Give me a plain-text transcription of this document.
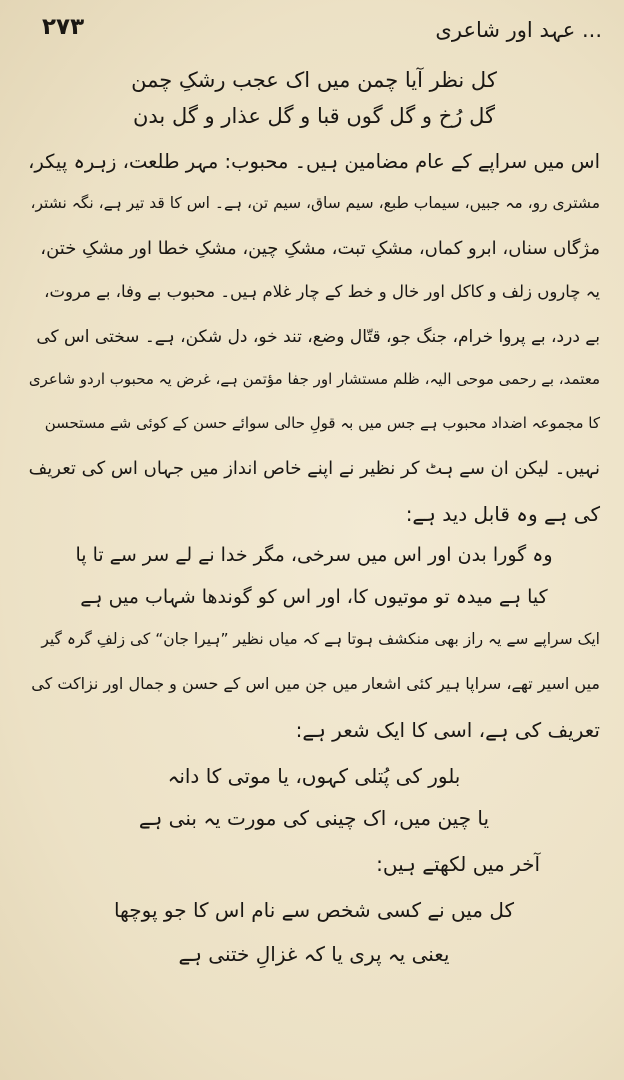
۲۷۳	... عہد اور شاعری
کل نظر آیا چمن میں اک عجب رشکِ چمن
گل رُخ و گل گوں قبا و گل عذار و گل بدن
اس میں سراپے کے عام مضامین ہیں۔ محبوب: مہر طلعت، زہرہ پیکر،
مشتری رو، مہ جبیں، سیماب طبع، سیم ساق، سیم تن، ہے۔ اس کا قد تیر ہے، نگہ نشتر،
مژگاں سناں، ابرو کماں، مشکِ تبت، مشکِ چین، مشکِ خطا اور مشکِ ختن،
یہ چاروں زلف و کاکل اور خال و خط کے چار غلام ہیں۔ محبوب بے وفا، بے مروت،
بے درد، بے پروا خرام، جنگ جو، قتّال وضع، تند خو، دل شکن، ہے۔ سختی اس کی
معتمد، بے رحمی موحی الیہ، ظلم مستشار اور جفا مؤتمن ہے، غرض یہ محبوب اردو شاعری
کا مجموعہ اضداد محبوب ہے جس میں بہ قولِ حالی سوائے حسن کے کوئی شے مستحسن
نہیں۔ لیکن ان سے ہٹ کر نظیر نے اپنے خاص انداز میں جہاں اس کی تعریف
کی ہے وہ قابل دید ہے:
وہ گورا بدن اور اس میں سرخی، مگر خدا نے لے سر سے تا پا
کیا ہے میدہ تو موتیوں کا، اور اس کو گوندھا شہاب میں ہے
ایک سراپے سے یہ راز بھی منکشف ہوتا ہے کہ میاں نظیر ”ہیرا جان“ کی زلفِ گرہ گیر
میں اسیر تھے، سراپا ہیر کئی اشعار میں جن میں اس کے حسن و جمال اور نزاکت کی
تعریف کی ہے، اسی کا ایک شعر ہے:
بلور کی پُتلی کہوں، یا موتی کا دانہ
یا چین میں، اک چینی کی مورت یہ بنی ہے
آخر میں لکھتے ہیں:
کل میں نے کسی شخص سے نام اس کا جو پوچھا
یعنی یہ پری یا کہ غزالِ ختنی ہے
